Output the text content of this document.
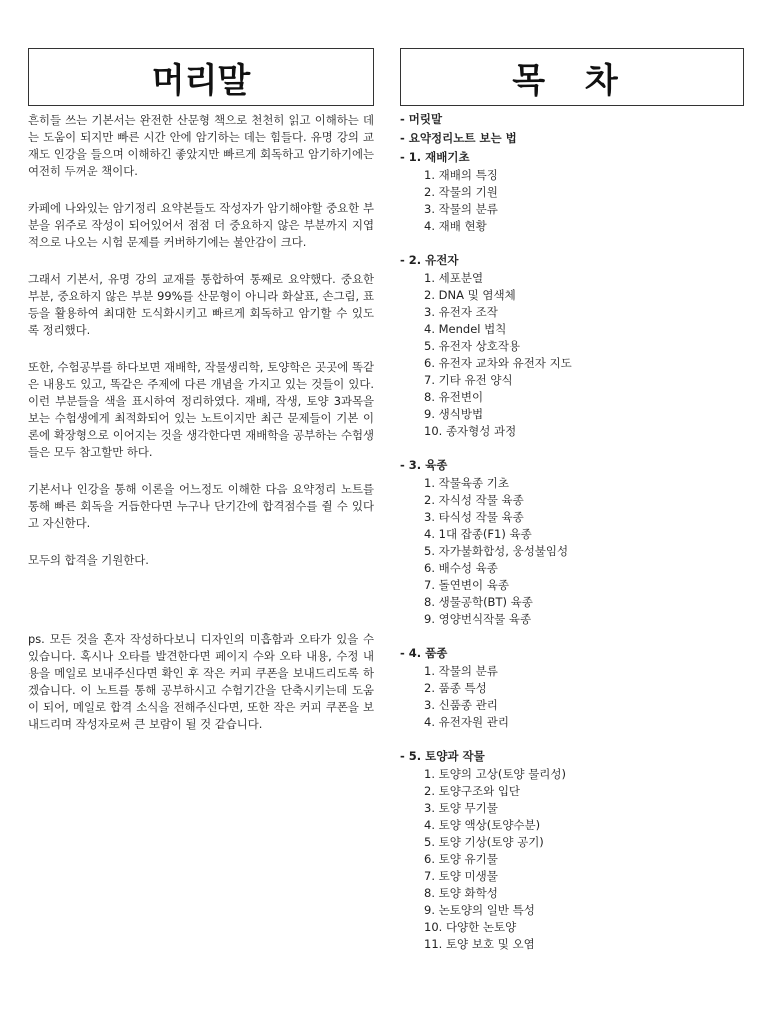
머리말

흔히들 쓰는 기본서는 완전한 산문형 책으로 천천히 읽고 이해하는 데는 도움이 되지만 빠른 시간 안에 암기하는 데는 힘들다. 유명 강의 교재도 인강을 들으며 이해하긴 좋았지만 빠르게 회독하고 암기하기에는 여전히 두꺼운 책이다.

카페에 나와있는 암기정리 요약본들도 작성자가 암기해야할 중요한 부분을 위주로 작성이 되어있어서 점점 더 중요하지 않은 부분까지 지엽적으로 나오는 시험 문제를 커버하기에는 불안감이 크다.

그래서 기본서, 유명 강의 교재를 통합하여 통째로 요약했다. 중요한 부분, 중요하지 않은 부분 99%를 산문형이 아니라 화살표, 손그림, 표 등을 활용하여 최대한 도식화시키고 빠르게 회독하고 암기할 수 있도록 정리했다.

또한, 수험공부를 하다보면 재배학, 작물생리학, 토양학은 곳곳에 똑같은 내용도 있고, 똑같은 주제에 다른 개념을 가지고 있는 것들이 있다. 이런 부분들을 색을 표시하여 정리하였다. 재배, 작생, 토양 3과목을 보는 수험생에게 최적화되어 있는 노트이지만 최근 문제들이 기본 이론에 확장형으로 이어지는 것을 생각한다면 재배학을 공부하는 수험생들은 모두 참고할만 하다.

기본서나 인강을 통해 이론을 어느정도 이해한 다음 요약정리 노트를 통해 빠른 회독을 거듭한다면 누구나 단기간에 합격점수를 쥘 수 있다고 자신한다.

모두의 합격을 기원한다.

ps. 모든 것을 혼자 작성하다보니 디자인의 미흡함과 오타가 있을 수 있습니다. 혹시나 오타를 발견한다면 페이지 수와 오타 내용, 수정 내용을 메일로 보내주신다면 확인 후 작은 커피 쿠폰을 보내드리도록 하겠습니다. 이 노트를 통해 공부하시고 수험기간을 단축시키는데 도움이 되어, 메일로 합격 소식을 전해주신다면, 또한 작은 커피 쿠폰을 보내드리며 작성자로써 큰 보람이 될 것 같습니다.

목 차
- 머릿말
- 요약정리노트 보는 법
- 1. 재배기초
1. 재배의 특징
2. 작물의 기원
3. 작물의 분류
4. 재배 현황
- 2. 유전자
1. 세포분열
2. DNA 및 염색체
3. 유전자 조작
4. Mendel 법칙
5. 유전자 상호작용
6. 유전자 교차와 유전자 지도
7. 기타 유전 양식
8. 유전변이
9. 생식방법
10. 종자형성 과정
- 3. 육종
1. 작물육종 기초
2. 자식성 작물 육종
3. 타식성 작물 육종
4. 1대 잡종(F1) 육종
5. 자가불화합성, 웅성불임성
6. 배수성 육종
7. 돌연변이 육종
8. 생물공학(BT) 육종
9. 영양번식작물 육종
- 4. 품종
1. 작물의 분류
2. 품종 특성
3. 신품종 관리
4. 유전자원 관리
- 5. 토양과 작물
1. 토양의 고상(토양 물리성)
2. 토양구조와 입단
3. 토양 무기물
4. 토양 액상(토양수분)
5. 토양 기상(토양 공기)
6. 토양 유기물
7. 토양 미생물
8. 토양 화학성
9. 논토양의 일반 특성
10. 다양한 논토양
11. 토양 보호 및 오염
